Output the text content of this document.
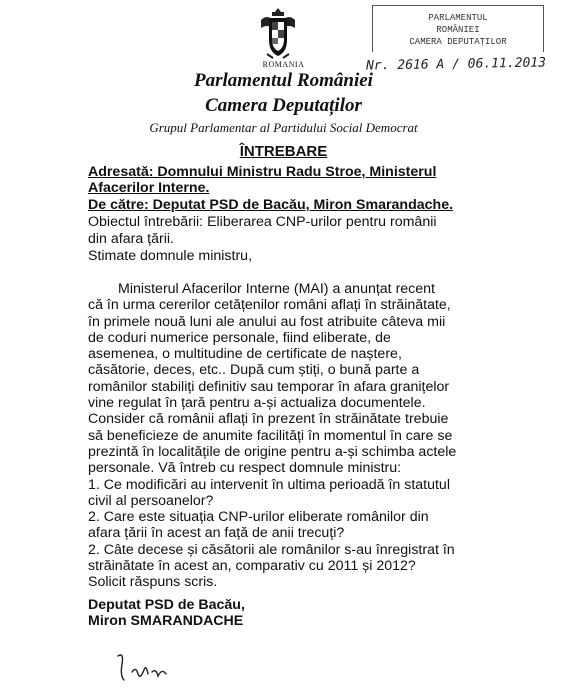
ROMANIA
Parlamentul României
Camera Deputaților
Grupul Parlamentar al Partidului Social Democrat
PARLAMENTUL
ROMÂNIEI
CAMERA DEPUTAȚILOR
Nr. 2616 A / 06.11.2013
ÎNTREBARE
Adresată: Domnului Ministru Radu Stroe, Ministerul
Afacerilor Interne.
De către: Deputat PSD de Bacău, Miron Smarandache.
Obiectul întrebării: Eliberarea CNP-urilor pentru românii
din afara țării.
Stimate domnule ministru,
Ministerul Afacerilor Interne (MAI) a anunțat recent
că în urma cererilor cetățenilor români aflați în străinătate,
în primele nouă luni ale anului au fost atribuite câteva mii
de coduri numerice personale, fiind eliberate, de
asemenea, o multitudine de certificate de naștere,
căsătorie, deces, etc.. După cum știți, o bună parte a
românilor stabiliți definitiv sau temporar în afara granițelor
vine regulat în țară pentru a-și actualiza documentele.
Consider că românii aflați în prezent în străinătate trebuie
să beneficieze de anumite facilități în momentul în care se
prezintă în localitățile de origine pentru a-și schimba actele
personale. Vă întreb cu respect domnule ministru:
1. Ce modificări au intervenit în ultima perioadă în statutul
civil al persoanelor?
2. Care este situația CNP-urilor eliberate românilor din
afara țării în acest an față de anii trecuți?
2. Câte decese și căsătorii ale românilor s-au înregistrat în
străinătate în acest an, comparativ cu 2011 și 2012?
Solicit răspuns scris.
Deputat PSD de Bacău,
Miron SMARANDACHE
